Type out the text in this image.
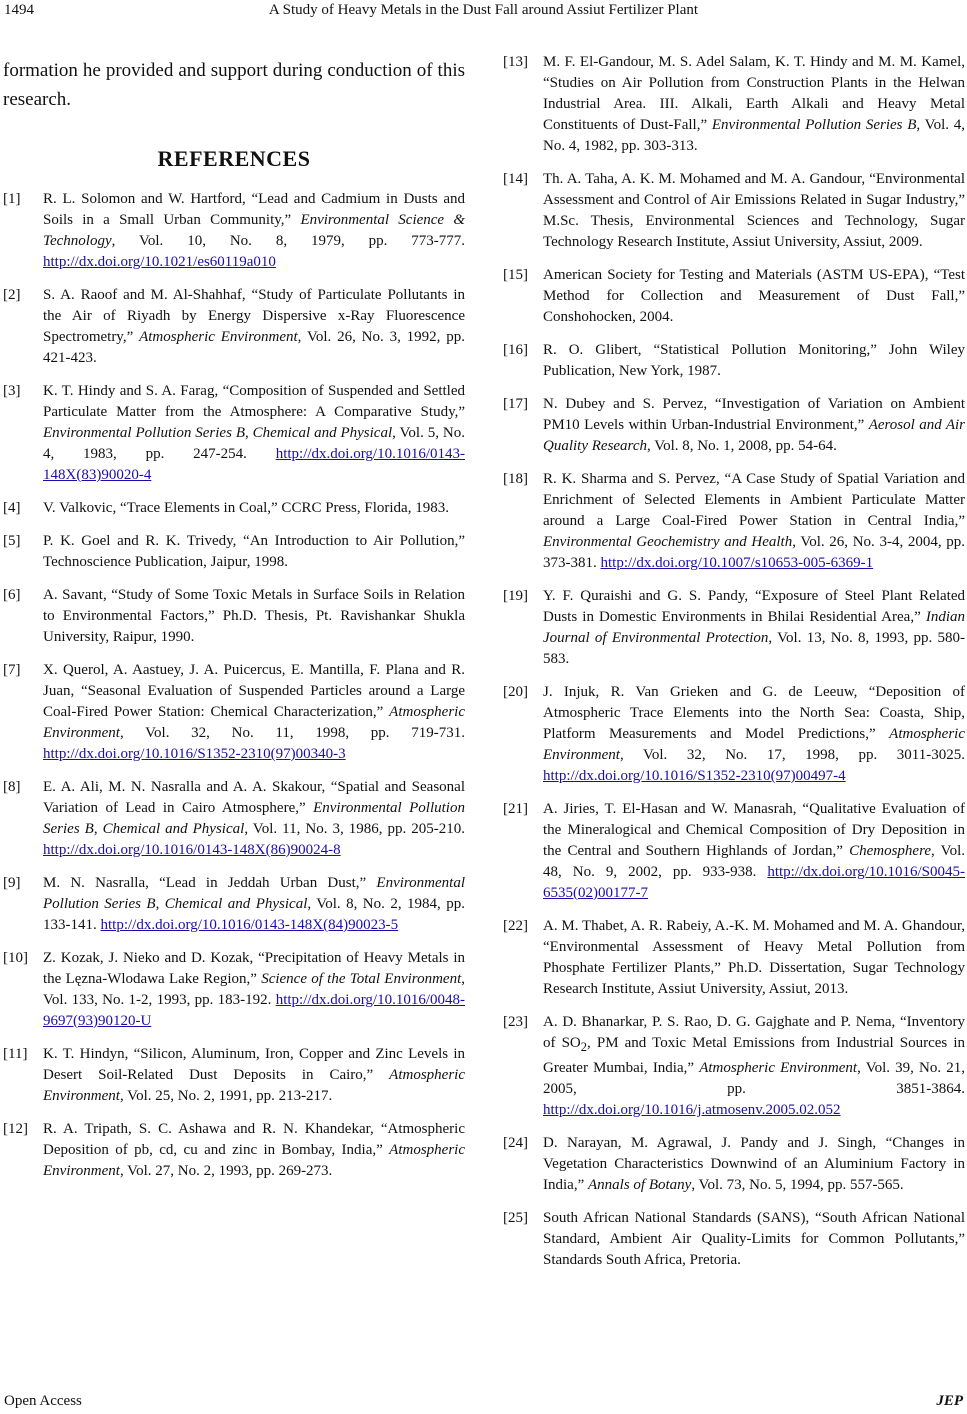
1494	A Study of Heavy Metals in the Dust Fall around Assiut Fertilizer Plant

formation he provided and support during conduction of this research.

REFERENCES
[1] R. L. Solomon and W. Hartford, “Lead and Cadmium in Dusts and Soils in a Small Urban Community,” Environmental Science & Technology, Vol. 10, No. 8, 1979, pp. 773-777. http://dx.doi.org/10.1021/es60119a010
[2] S. A. Raoof and M. Al-Shahhaf, “Study of Particulate Pollutants in the Air of Riyadh by Energy Dispersive x-Ray Fluorescence Spectrometry,” Atmospheric Environment, Vol. 26, No. 3, 1992, pp. 421-423.
[3] K. T. Hindy and S. A. Farag, “Composition of Suspended and Settled Particulate Matter from the Atmosphere: A Comparative Study,” Environmental Pollution Series B, Chemical and Physical, Vol. 5, No. 4, 1983, pp. 247-254. http://dx.doi.org/10.1016/0143-148X(83)90020-4
[4] V. Valkovic, “Trace Elements in Coal,” CCRC Press, Florida, 1983.
[5] P. K. Goel and R. K. Trivedy, “An Introduction to Air Pollution,” Technoscience Publication, Jaipur, 1998.
[6] A. Savant, “Study of Some Toxic Metals in Surface Soils in Relation to Environmental Factors,” Ph.D. Thesis, Pt. Ravishankar Shukla University, Raipur, 1990.
[7] X. Querol, A. Aastuey, J. A. Puicercus, E. Mantilla, F. Plana and R. Juan, “Seasonal Evaluation of Suspended Particles around a Large Coal-Fired Power Station: Chemical Characterization,” Atmospheric Environment, Vol. 32, No. 11, 1998, pp. 719-731. http://dx.doi.org/10.1016/S1352-2310(97)00340-3
[8] E. A. Ali, M. N. Nasralla and A. A. Skakour, “Spatial and Seasonal Variation of Lead in Cairo Atmosphere,” Environmental Pollution Series B, Chemical and Physical, Vol. 11, No. 3, 1986, pp. 205-210. http://dx.doi.org/10.1016/0143-148X(86)90024-8
[9] M. N. Nasralla, “Lead in Jeddah Urban Dust,” Environmental Pollution Series B, Chemical and Physical, Vol. 8, No. 2, 1984, pp. 133-141. http://dx.doi.org/10.1016/0143-148X(84)90023-5
[10] Z. Kozak, J. Nieko and D. Kozak, “Precipitation of Heavy Metals in the Lęzna-Wlodawa Lake Region,” Science of the Total Environment, Vol. 133, No. 1-2, 1993, pp. 183-192. http://dx.doi.org/10.1016/0048-9697(93)90120-U
[11] K. T. Hindyn, “Silicon, Aluminum, Iron, Copper and Zinc Levels in Desert Soil-Related Dust Deposits in Cairo,” Atmospheric Environment, Vol. 25, No. 2, 1991, pp. 213-217.
[12] R. A. Tripath, S. C. Ashawa and R. N. Khandekar, “Atmospheric Deposition of pb, cd, cu and zinc in Bombay, India,” Atmospheric Environment, Vol. 27, No. 2, 1993, pp. 269-273.
[13] M. F. El-Gandour, M. S. Adel Salam, K. T. Hindy and M. M. Kamel, “Studies on Air Pollution from Construction Plants in the Helwan Industrial Area. III. Alkali, Earth Alkali and Heavy Metal Constituents of Dust-Fall,” Environmental Pollution Series B, Vol. 4, No. 4, 1982, pp. 303-313.
[14] Th. A. Taha, A. K. M. Mohamed and M. A. Gandour, “Environmental Assessment and Control of Air Emissions Related in Sugar Industry,” M.Sc. Thesis, Environmental Sciences and Technology, Sugar Technology Research Institute, Assiut University, Assiut, 2009.
[15] American Society for Testing and Materials (ASTM US-EPA), “Test Method for Collection and Measurement of Dust Fall,” Conshohocken, 2004.
[16] R. O. Glibert, “Statistical Pollution Monitoring,” John Wiley Publication, New York, 1987.
[17] N. Dubey and S. Pervez, “Investigation of Variation on Ambient PM10 Levels within Urban-Industrial Environment,” Aerosol and Air Quality Research, Vol. 8, No. 1, 2008, pp. 54-64.
[18] R. K. Sharma and S. Pervez, “A Case Study of Spatial Variation and Enrichment of Selected Elements in Ambient Particulate Matter around a Large Coal-Fired Power Station in Central India,” Environmental Geochemistry and Health, Vol. 26, No. 3-4, 2004, pp. 373-381. http://dx.doi.org/10.1007/s10653-005-6369-1
[19] Y. F. Quraishi and G. S. Pandy, “Exposure of Steel Plant Related Dusts in Domestic Environments in Bhilai Residential Area,” Indian Journal of Environmental Protection, Vol. 13, No. 8, 1993, pp. 580-583.
[20] J. Injuk, R. Van Grieken and G. de Leeuw, “Deposition of Atmospheric Trace Elements into the North Sea: Coasta, Ship, Platform Measurements and Model Predictions,” Atmospheric Environment, Vol. 32, No. 17, 1998, pp. 3011-3025. http://dx.doi.org/10.1016/S1352-2310(97)00497-4
[21] A. Jiries, T. El-Hasan and W. Manasrah, “Qualitative Evaluation of the Mineralogical and Chemical Composition of Dry Deposition in the Central and Southern Highlands of Jordan,” Chemosphere, Vol. 48, No. 9, 2002, pp. 933-938. http://dx.doi.org/10.1016/S0045-6535(02)00177-7
[22] A. M. Thabet, A. R. Rabeiy, A.-K. M. Mohamed and M. A. Ghandour, “Environmental Assessment of Heavy Metal Pollution from Phosphate Fertilizer Plants,” Ph.D. Dissertation, Sugar Technology Research Institute, Assiut University, Assiut, 2013.
[23] A. D. Bhanarkar, P. S. Rao, D. G. Gajghate and P. Nema, “Inventory of $SO_2$, PM and Toxic Metal Emissions from Industrial Sources in Greater Mumbai, India,” Atmospheric Environment, Vol. 39, No. 21, 2005, pp. 3851-3864. http://dx.doi.org/10.1016/j.atmosenv.2005.02.052
[24] D. Narayan, M. Agrawal, J. Pandy and J. Singh, “Changes in Vegetation Characteristics Downwind of an Aluminium Factory in India,” Annals of Botany, Vol. 73, No. 5, 1994, pp. 557-565.
[25] South African National Standards (SANS), “South African National Standard, Ambient Air Quality-Limits for Common Pollutants,” Standards South Africa, Pretoria.
Open Access	JEP
